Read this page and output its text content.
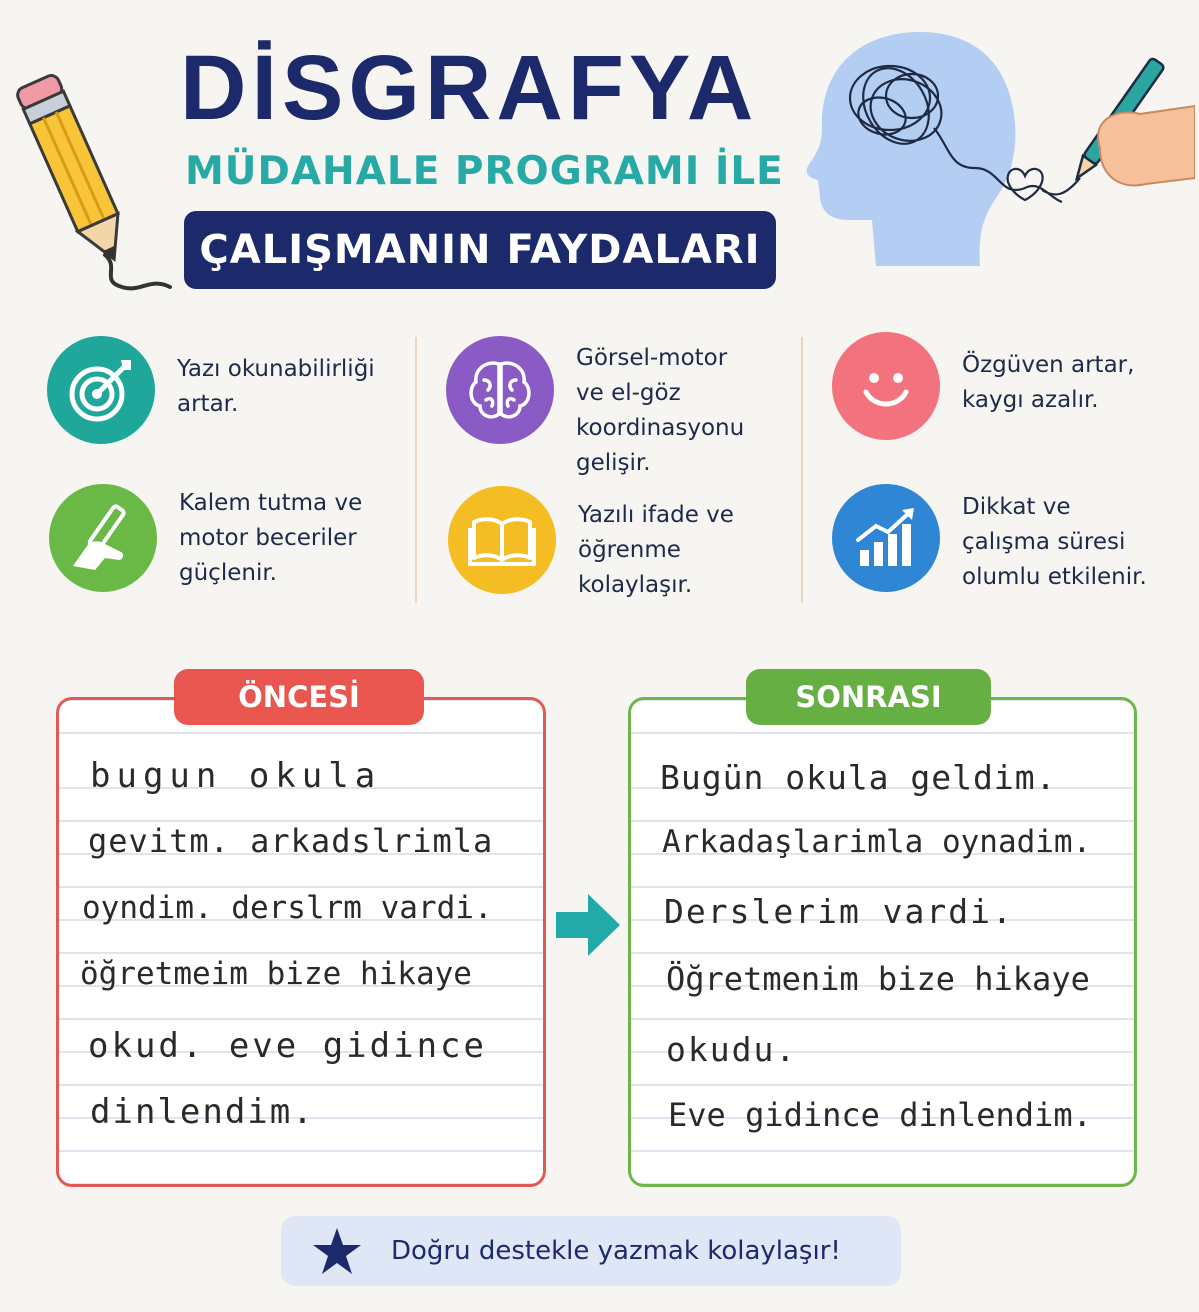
DİSGRAFYA
MÜDAHALE PROGRAMI İLE
ÇALIŞMANIN FAYDALARI
Yazı okunabilirliği
artar.
Kalem tutma ve
motor beceriler
güçlenir.
Görsel-motor
ve el-göz
koordinasyonu
gelişir.
Yazılı ifade ve
öğrenme
kolaylaşır.
Özgüven artar,
kaygı azalır.
Dikkat ve
çalışma süresi
olumlu etkilenir.
ÖNCESİ
bugun okula
gevitm. arkadslrimla
oyndim. derslrm vardi.
öğretmeim bize hikaye
okud. eve gidince
dinlendim.
SONRASI
Bugün okula geldim.
Arkadaşlarimla oynadim.
Derslerim vardi.
Öğretmenim bize hikaye
okudu.
Eve gidince dinlendim.
Doğru destekle yazmak kolaylaşır!
